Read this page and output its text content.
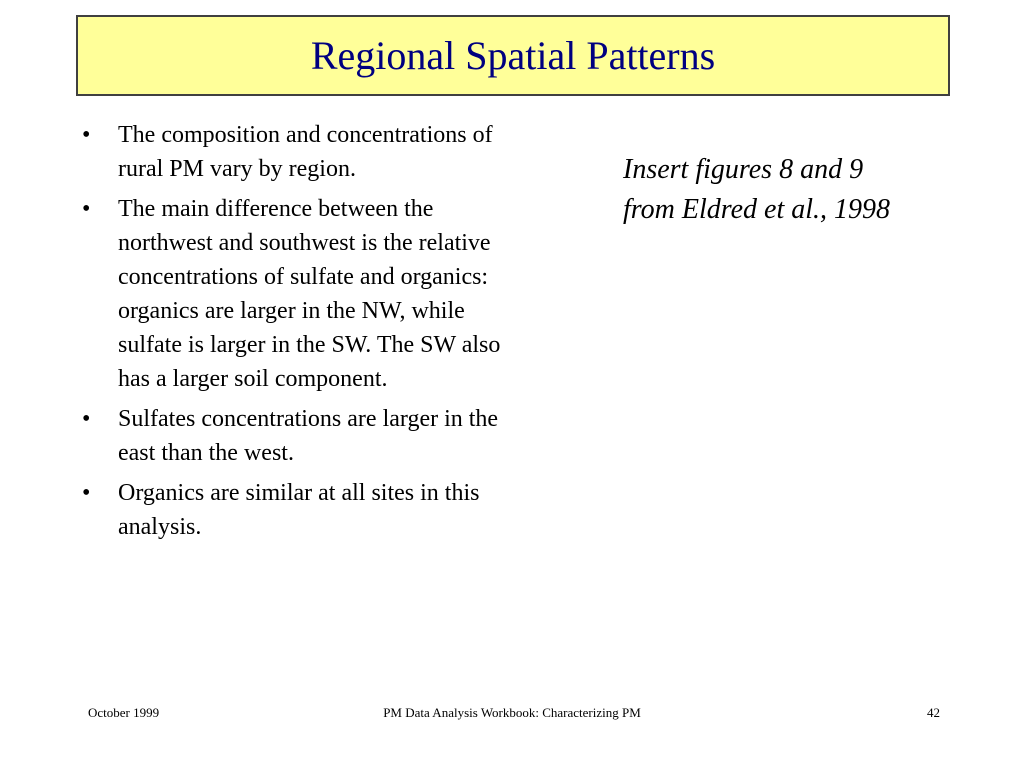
Regional Spatial Patterns
•	The composition and concentrations of rural PM vary by region.
•	The main difference between the northwest and southwest is the relative concentrations of sulfate and organics: organics are larger in the NW, while sulfate is larger in the SW. The SW also has a larger soil component.
•	Sulfates concentrations are larger in the east than the west.
•	Organics are similar at all sites in this analysis.

Insert figures 8 and 9
from Eldred et al., 1998

October 1999	PM Data Analysis Workbook: Characterizing PM	42
